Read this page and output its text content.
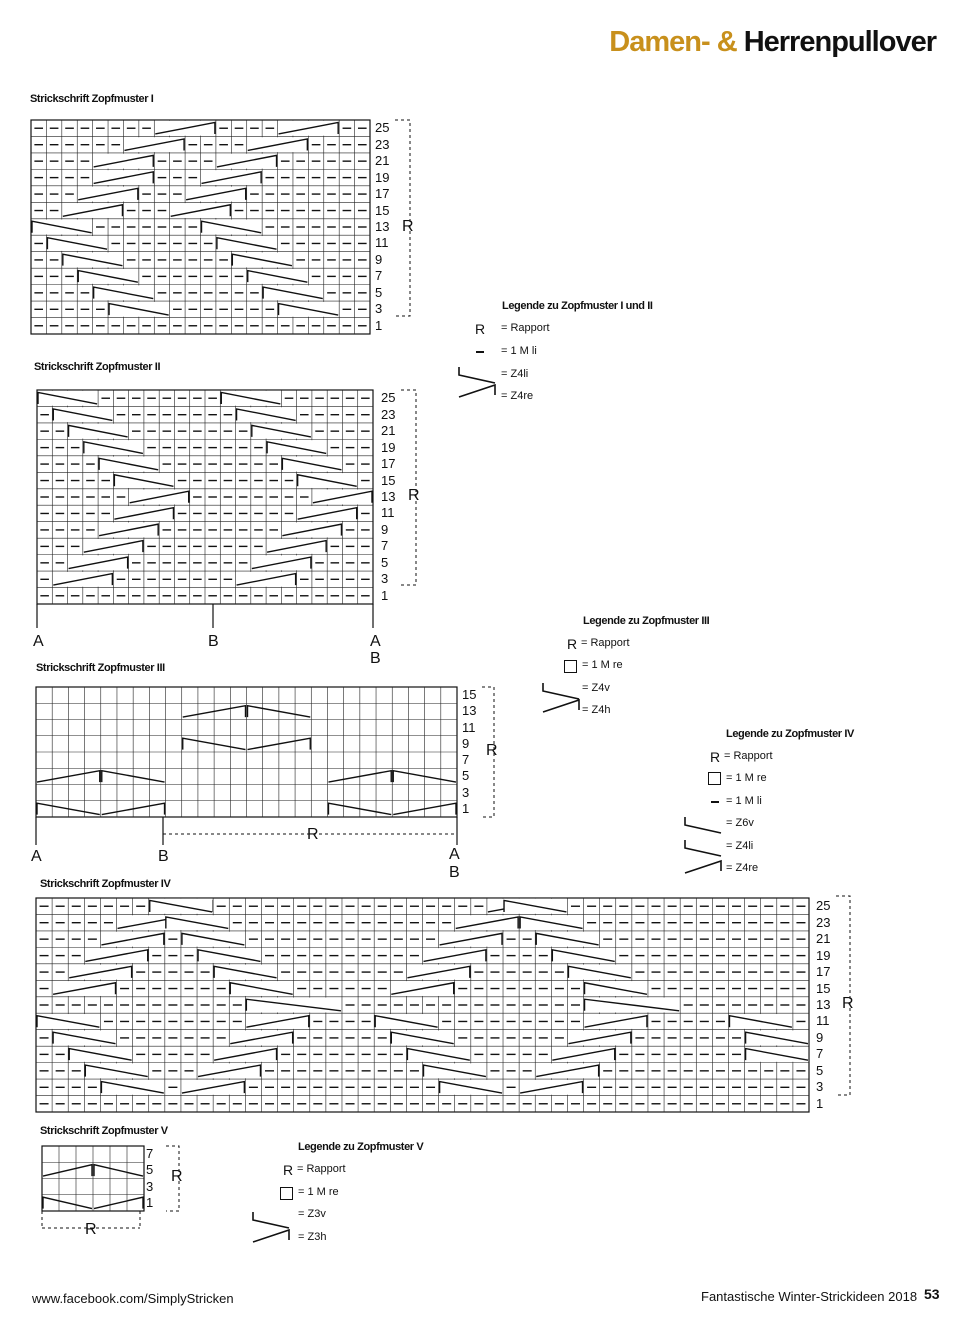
Damen- & Herrenpullover
Strickschrift Zopfmuster I
Strickschrift Zopfmuster II
Strickschrift Zopfmuster III
Strickschrift Zopfmuster IV
Strickschrift Zopfmuster V
25
23
21
19
17
15
13
11
9
7
5
3
1
R
25
23
21
19
17
15
13
11
9
7
5
3
1
R
15
13
11
9
7
5
3
1
R
25
23
21
19
17
15
13
11
9
7
5
3
1
R
7
5
3
1
R
A	B	A
B
A	B	A
B
R
R
Legende zu Zopfmuster I und II
R = Rapport
= 1 M li
= Z4li
= Z4re
Legende zu Zopfmuster III
R = Rapport
= 1 M re
= Z4v
= Z4h
Legende zu Zopfmuster IV
R = Rapport
= 1 M re
= 1 M li
= Z6v
= Z4li
= Z4re
Legende zu Zopfmuster V
R = Rapport
= 1 M re
= Z3v
= Z3h
www.facebook.com/SimplyStricken	Fantastische Winter-Strickideen 2018 53
